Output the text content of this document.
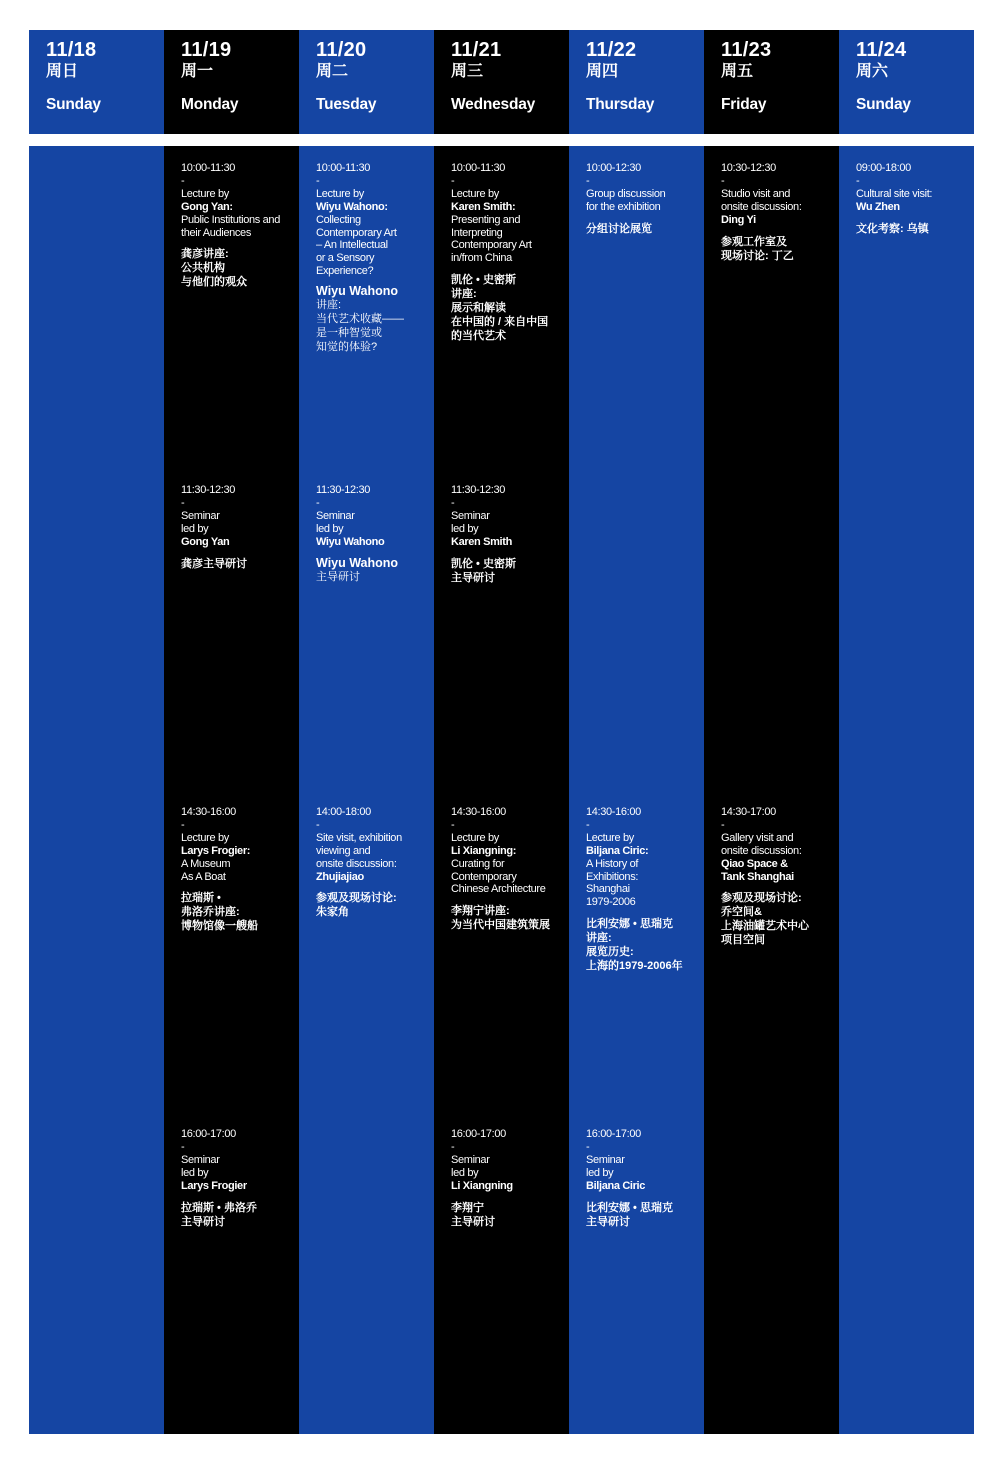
11/18
周日
Sunday
11/19
周一
Monday
10:00-11:30
-
Lecture by
Gong Yan:
Public Institutions and their Audiences
龚彦讲座:
公共机构
与他们的观众
11:30-12:30
-
Seminar
led by
Gong Yan
龚彦主导研讨
14:30-16:00
-
Lecture by
Larys Frogier:
A Museum
As A Boat
拉瑞斯 •
弗洛乔讲座:
博物馆像一艘船
16:00-17:00
-
Seminar
led by
Larys Frogier
拉瑞斯 • 弗洛乔
主导研讨
11/20
周二
Tuesday
10:00-11:30
-
Lecture by
Wiyu Wahono:
Collecting
Contemporary Art
– An Intellectual
or a Sensory
Experience?
Wiyu Wahono
讲座:
当代艺术收藏——
是一种智觉或
知觉的体验?
11:30-12:30
-
Seminar
led by
Wiyu Wahono
Wiyu Wahono
主导研讨
14:00-18:00
-
Site visit, exhibition
viewing and
onsite discussion:
Zhujiajiao
参观及现场讨论:
朱家角
11/21
周三
Wednesday
10:00-11:30
-
Lecture by
Karen Smith:
Presenting and
Interpreting
Contemporary Art
in/from China
凯伦 • 史密斯
讲座:
展示和解读
在中国的 / 来自中国
的当代艺术
11:30-12:30
-
Seminar
led by
Karen Smith
凯伦 • 史密斯
主导研讨
14:30-16:00
-
Lecture by
Li Xiangning:
Curating for
Contemporary
Chinese Architecture
李翔宁讲座:
为当代中国建筑策展
16:00-17:00
-
Seminar
led by
Li Xiangning
李翔宁
主导研讨
11/22
周四
Thursday
10:00-12:30
-
Group discussion
for the exhibition
分组讨论展览
14:30-16:00
-
Lecture by
Biljana Ciric:
A History of
Exhibitions:
Shanghai
1979-2006
比利安娜 • 思瑞克
讲座:
展览历史:
上海的1979-2006年
16:00-17:00
-
Seminar
led by
Biljana Ciric
比利安娜 • 思瑞克
主导研讨
11/23
周五
Friday
10:30-12:30
-
Studio visit and
onsite discussion:
Ding Yi
参观工作室及
现场讨论: 丁乙
14:30-17:00
-
Gallery visit and
onsite discussion:
Qiao Space &
Tank Shanghai
参观及现场讨论:
乔空间&
上海油罐艺术中心
项目空间
11/24
周六
Sunday
09:00-18:00
-
Cultural site visit:
Wu Zhen
文化考察: 乌镇
